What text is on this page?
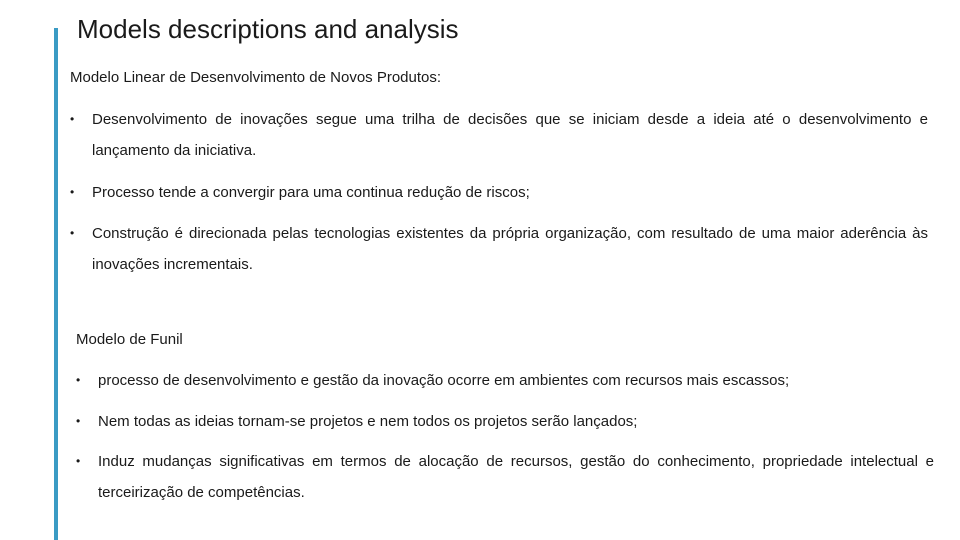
Models descriptions and analysis

Modelo Linear de Desenvolvimento de Novos Produtos:

• Desenvolvimento de inovações segue uma trilha de decisões que se iniciam desde a ideia até o desenvolvimento e lançamento da iniciativa.
• Processo tende a convergir para uma continua redução de riscos;
• Construção é direcionada pelas tecnologias existentes da própria organização, com resultado de uma maior aderência às inovações incrementais.

Modelo de Funil

• processo de desenvolvimento e gestão da inovação ocorre em ambientes com recursos mais escassos;
• Nem todas as ideias tornam-se projetos e nem todos os projetos serão lançados;
• Induz mudanças significativas em termos de alocação de recursos, gestão do conhecimento, propriedade intelectual e terceirização de competências.
